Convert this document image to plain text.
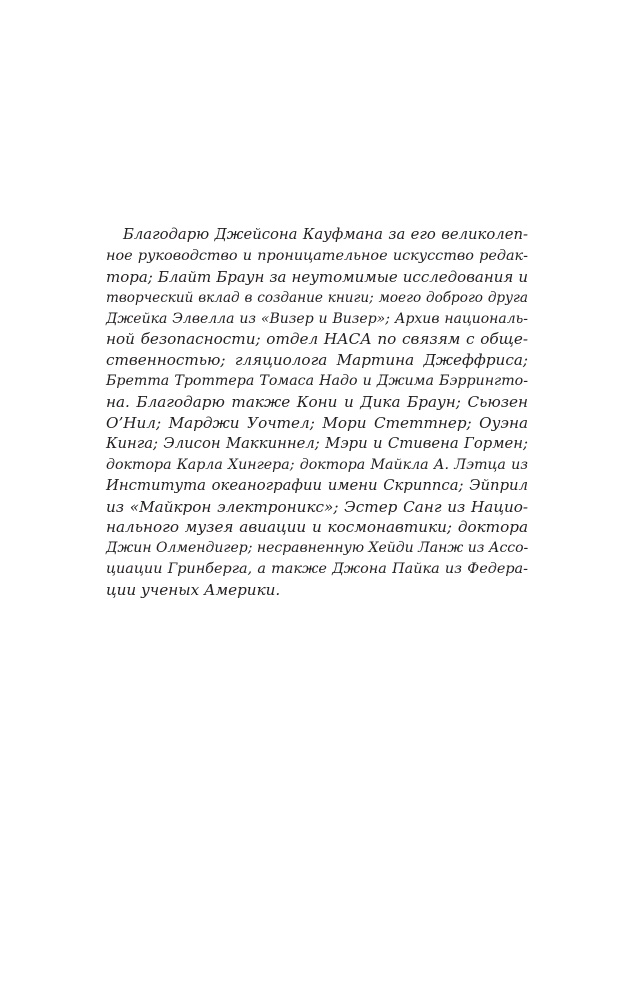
Благодарю Джейсона Кауфмана за его великолеп-
ное руководство и проницательное искусство редак-
тора; Блайт Браун за неутомимые исследования и
творческий вклад в создание книги; моего доброго друга
Джейка Элвелла из «Визер и Визер»; Архив националь-
ной безопасности; отдел НАСА по связям с обще-
ственностью; гляциолога Мартина Джеффриса;
Бретта Троттера Томаса Надо и Джима Бэррингто-
на. Благодарю также Кони и Дика Браун; Сьюзен
О’Нил; Марджи Уочтел; Мори Стеттнер; Оуэна
Кинга; Элисон Маккиннел; Мэри и Стивена Гормен;
доктора Карла Хингера; доктора Майкла А. Лэтца из
Института океанографии имени Скриппса; Эйприл
из «Майкрон электроникс»; Эстер Санг из Нацио-
нального музея авиации и космонавтики; доктора
Джин Олмендигер; несравненную Хейди Ланж из Ассо-
циации Гринберга, а также Джона Пайка из Федера-
ции ученых Америки.
